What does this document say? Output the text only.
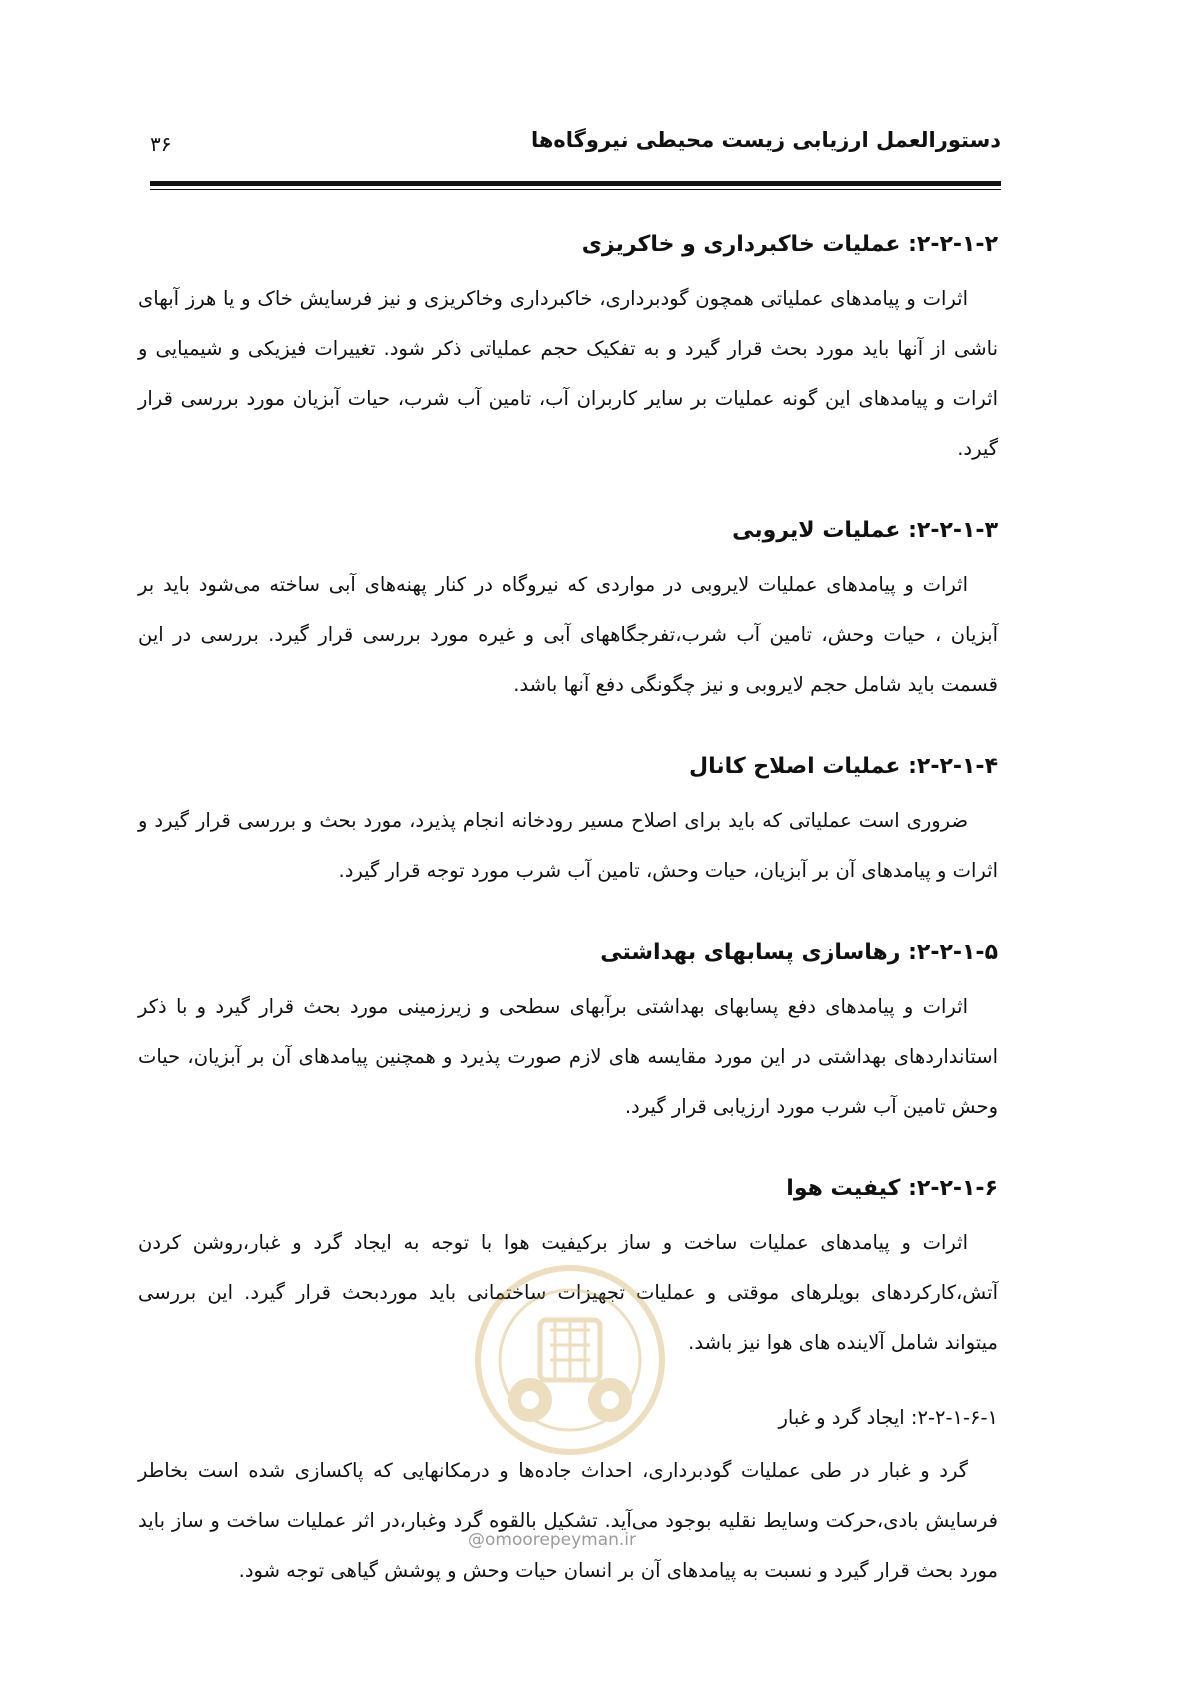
دستورالعمل ارزیابی زیست محیطی نیروگاه‌ها
۳۶
۲-۲-۱-۲: عملیات خاکبرداری و خاکریزی

اثرات و پیامدهای عملیاتی همچون گودبرداری، خاکبرداری وخاکریزی و نیز فرسایش خاک و یا هرز آبهای ناشی از آنها باید مورد بحث قرار گیرد و به تفکیک حجم عملیاتی ذکر شود. تغییرات فیزیکی و شیمیایی و اثرات و پیامدهای این گونه عملیات بر سایر کاربران آب، تامین آب شرب، حیات آبزیان مورد بررسی قرار گیرد.

۲-۲-۱-۳: عملیات لایروبی

اثرات و پیامدهای عملیات لایروبی در مواردی که نیروگاه در کنار پهنه‌های آبی ساخته می‌شود باید بر آبزیان ، حیات وحش، تامین آب شرب،تفرجگاههای آبی و غیره مورد بررسی قرار گیرد. بررسی در این قسمت باید شامل حجم لایروبی و نیز چگونگی دفع آنها باشد.

۲-۲-۱-۴: عملیات اصلاح کانال

ضروری است عملیاتی که باید برای اصلاح مسیر رودخانه انجام پذیرد، مورد بحث و بررسی قرار گیرد و اثرات و پیامدهای آن بر آبزیان، حیات وحش، تامین آب شرب مورد توجه قرار گیرد.

۲-۲-۱-۵: رهاسازی پسابهای بهداشتی

اثرات و پیامدهای دفع پسابهای بهداشتی برآبهای سطحی و زیرزمینی مورد بحث قرار گیرد و با ذکر استانداردهای بهداشتی در این مورد مقایسه های لازم صورت پذیرد و همچنین پیامدهای آن بر آبزیان، حیات وحش تامین آب شرب مورد ارزیابی قرار گیرد.

۲-۲-۱-۶: کیفیت هوا

اثرات و پیامدهای عملیات ساخت و ساز برکیفیت هوا با توجه به ایجاد گرد و غبار،روشن کردن آتش،کارکردهای بویلرهای موقتی و عملیات تجهیزات ساختمانی باید موردبحث قرار گیرد. این بررسی میتواند شامل آلاینده های هوا نیز باشد.

۲-۲-۱-۶-۱: ایجاد گرد و غبار

گرد و غبار در طی عملیات گودبرداری، احداث جاده‌ها و درمکانهایی که پاکسازی شده است بخاطر فرسایش بادی،حرکت وسایط نقلیه بوجود می‌آید. تشکیل بالقوه گرد وغبار،در اثر عملیات ساخت و ساز باید مورد بحث قرار گیرد و نسبت به پیامدهای آن بر انسان حیات وحش و پوشش گیاهی توجه شود.

@omoorepeyman.ir
